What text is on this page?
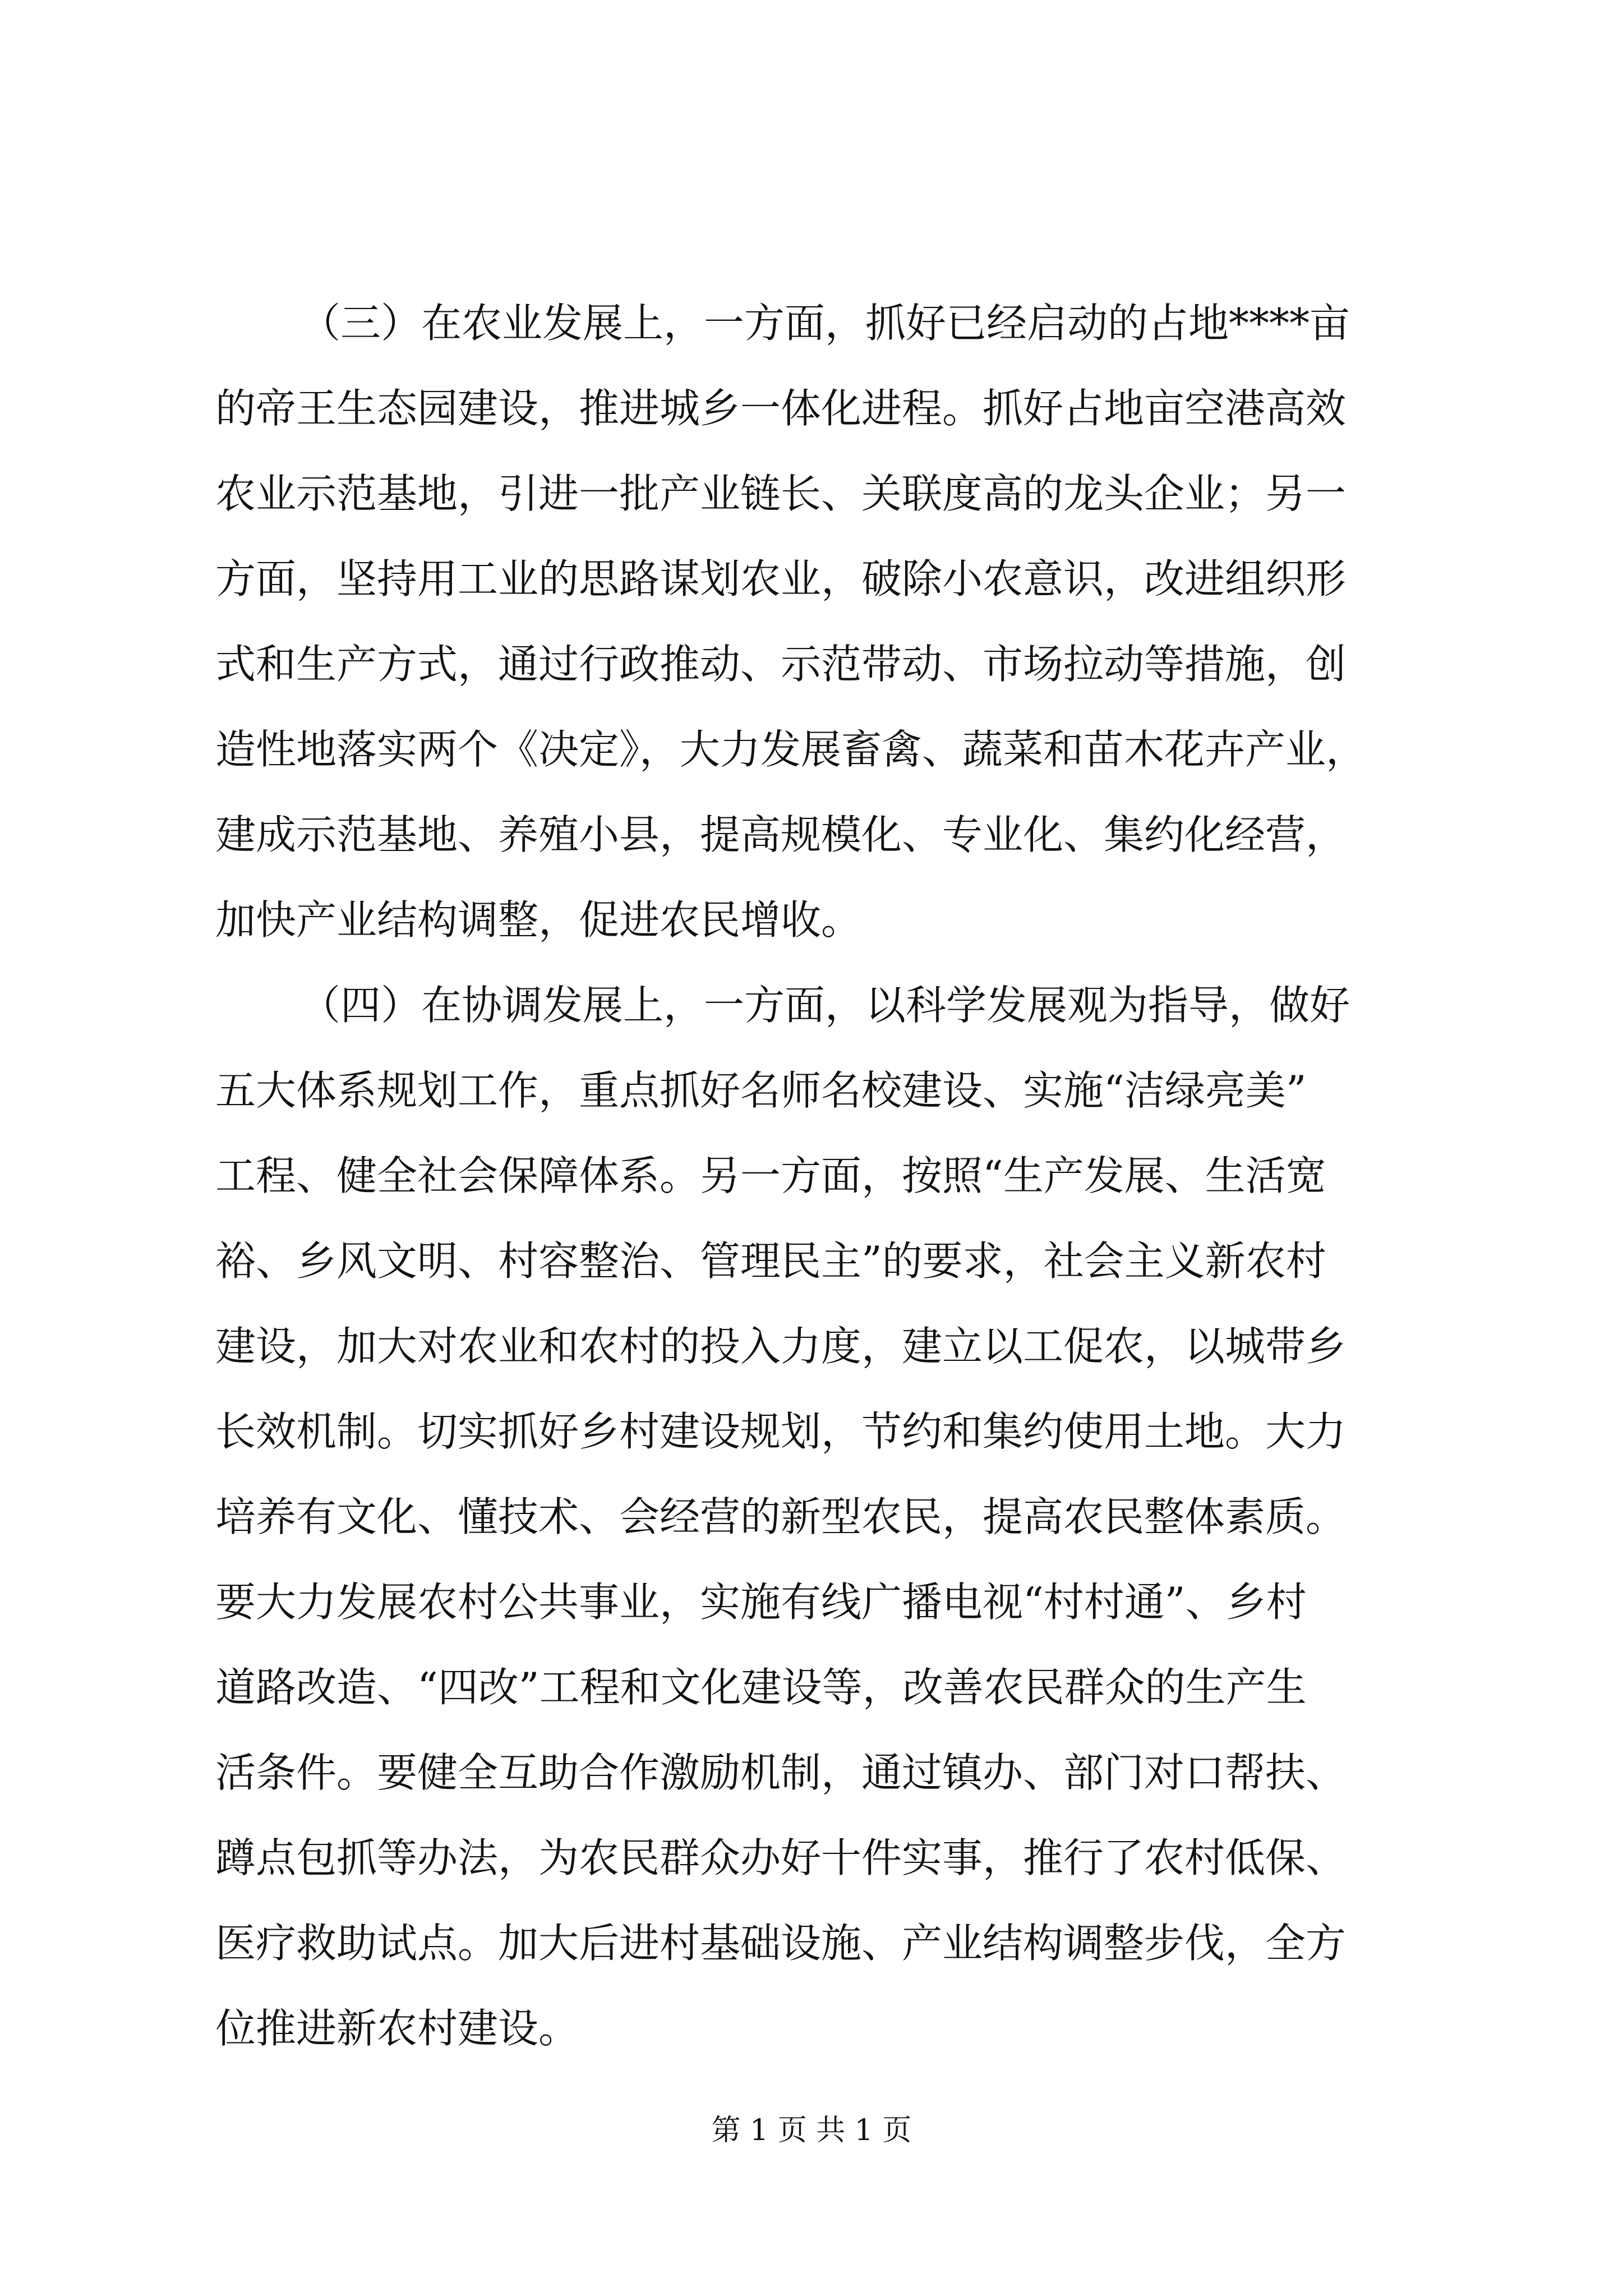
（三）在农业发展上，一方面，抓好已经启动的占地****亩
的帝王生态园建设，推进城乡一体化进程。抓好占地亩空港高效
农业示范基地，引进一批产业链长、关联度高的龙头企业；另一
方面，坚持用工业的思路谋划农业，破除小农意识，改进组织形
式和生产方式，通过行政推动、示范带动、市场拉动等措施，创
造性地落实两个《决定》，大力发展畜禽、蔬菜和苗木花卉产业，
建成示范基地、养殖小县，提高规模化、专业化、集约化经营，
加快产业结构调整，促进农民增收。
（四）在协调发展上，一方面，以科学发展观为指导，做好
五大体系规划工作，重点抓好名师名校建设、实施“洁绿亮美”
工程、健全社会保障体系。另一方面，按照“生产发展、生活宽
裕、乡风文明、村容整治、管理民主”的要求，社会主义新农村
建设，加大对农业和农村的投入力度，建立以工促农，以城带乡
长效机制。切实抓好乡村建设规划，节约和集约使用土地。大力
培养有文化、懂技术、会经营的新型农民，提高农民整体素质。
要大力发展农村公共事业，实施有线广播电视“村村通”、乡村
道路改造、“四改”工程和文化建设等，改善农民群众的生产生
活条件。要健全互助合作激励机制，通过镇办、部门对口帮扶、
蹲点包抓等办法，为农民群众办好十件实事，推行了农村低保、
医疗救助试点。加大后进村基础设施、产业结构调整步伐，全方
位推进新农村建设。
第 1 页 共 1 页
